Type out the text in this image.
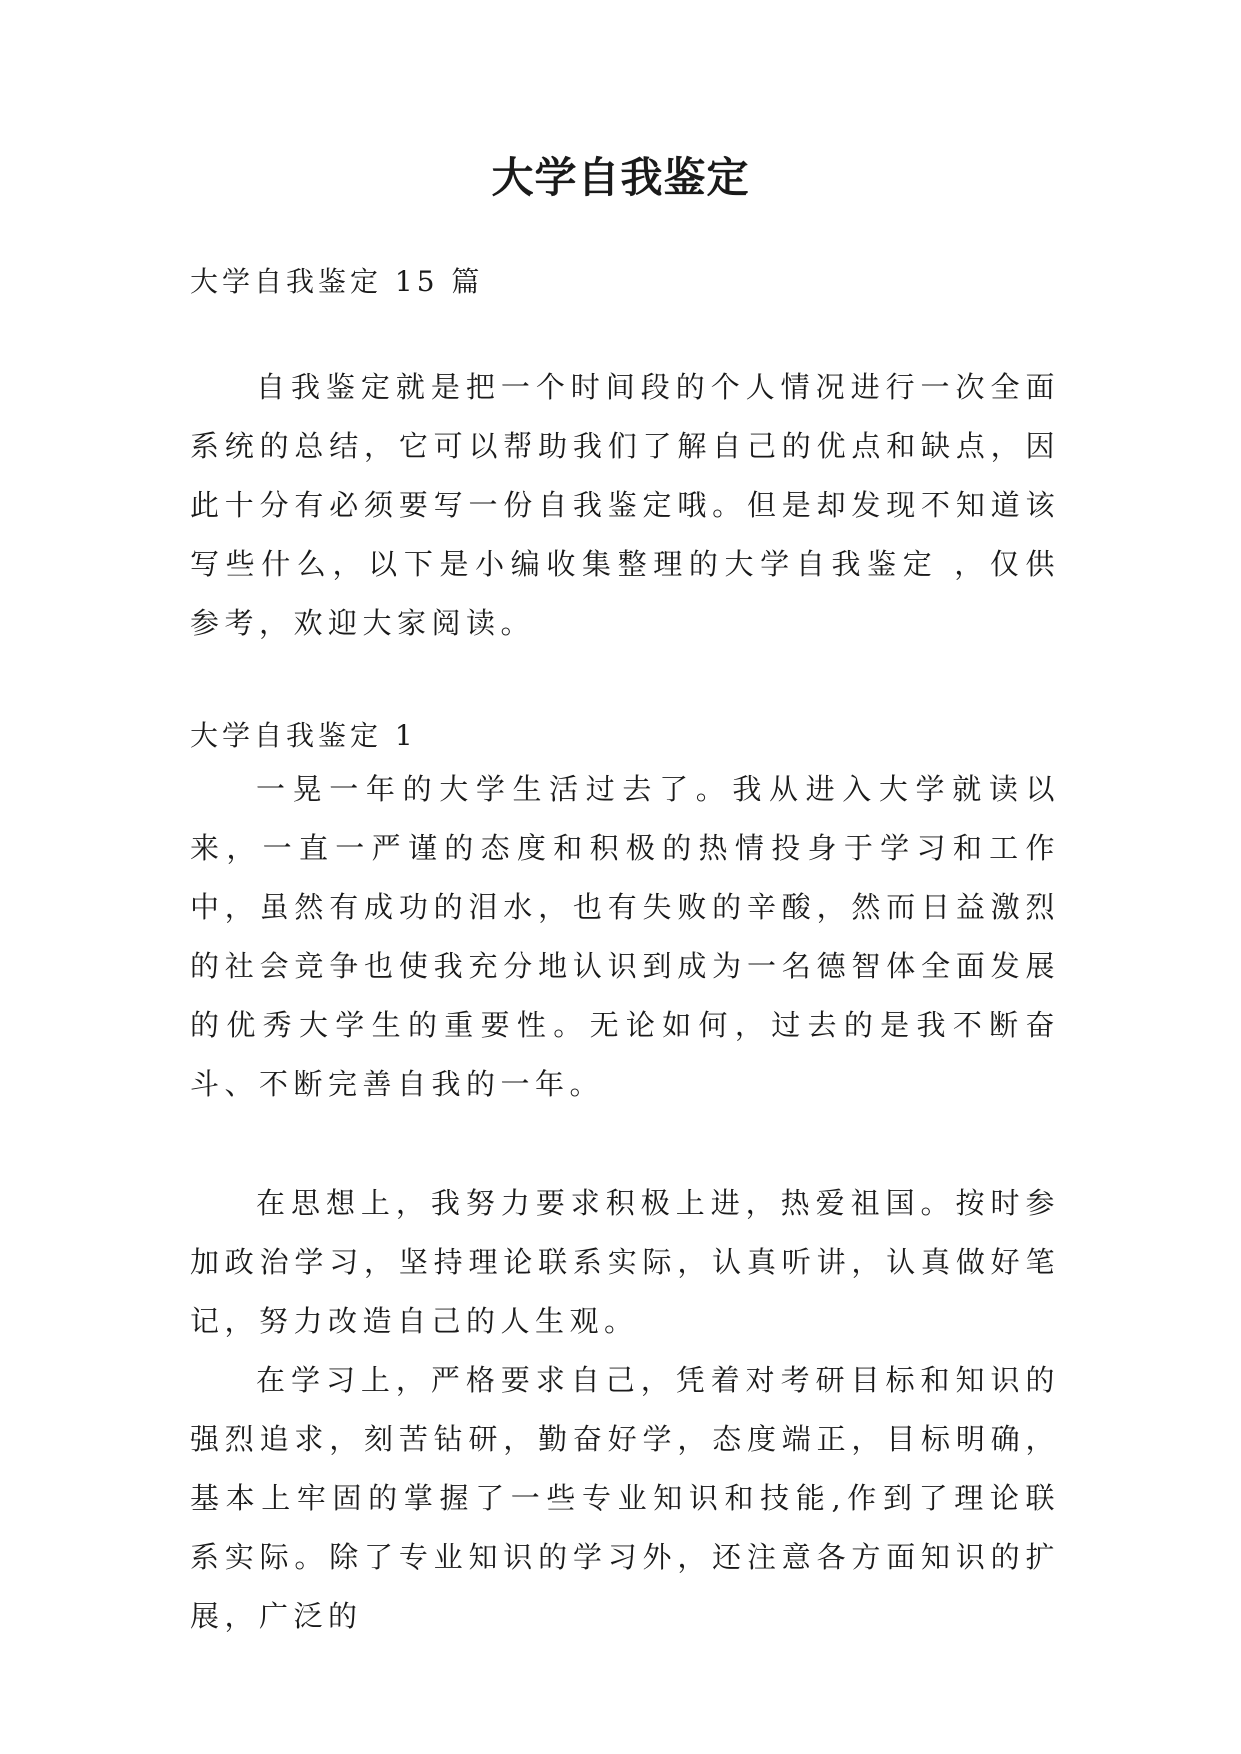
大学自我鉴定

大学自我鉴定 15 篇

自我鉴定就是把一个时间段的个人情况进行一次全面系统的总结，它可以帮助我们了解自己的优点和缺点，因此十分有必须要写一份自我鉴定哦。但是却发现不知道该写些什么，以下是小编收集整理的大学自我鉴定 ，仅供参考，欢迎大家阅读。

大学自我鉴定 1

一晃一年的大学生活过去了。我从进入大学就读以来，一直一严谨的态度和积极的热情投身于学习和工作中，虽然有成功的泪水，也有失败的辛酸，然而日益激烈的社会竞争也使我充分地认识到成为一名德智体全面发展的优秀大学生的重要性。无论如何，过去的是我不断奋斗、不断完善自我的一年。

在思想上，我努力要求积极上进，热爱祖国。按时参加政治学习，坚持理论联系实际，认真听讲，认真做好笔记，努力改造自己的人生观。

在学习上，严格要求自己，凭着对考研目标和知识的强烈追求，刻苦钻研，勤奋好学，态度端正，目标明确，基本上牢固的掌握了一些专业知识和技能,作到了理论联系实际。除了专业知识的学习外，还注意各方面知识的扩展，广泛的
